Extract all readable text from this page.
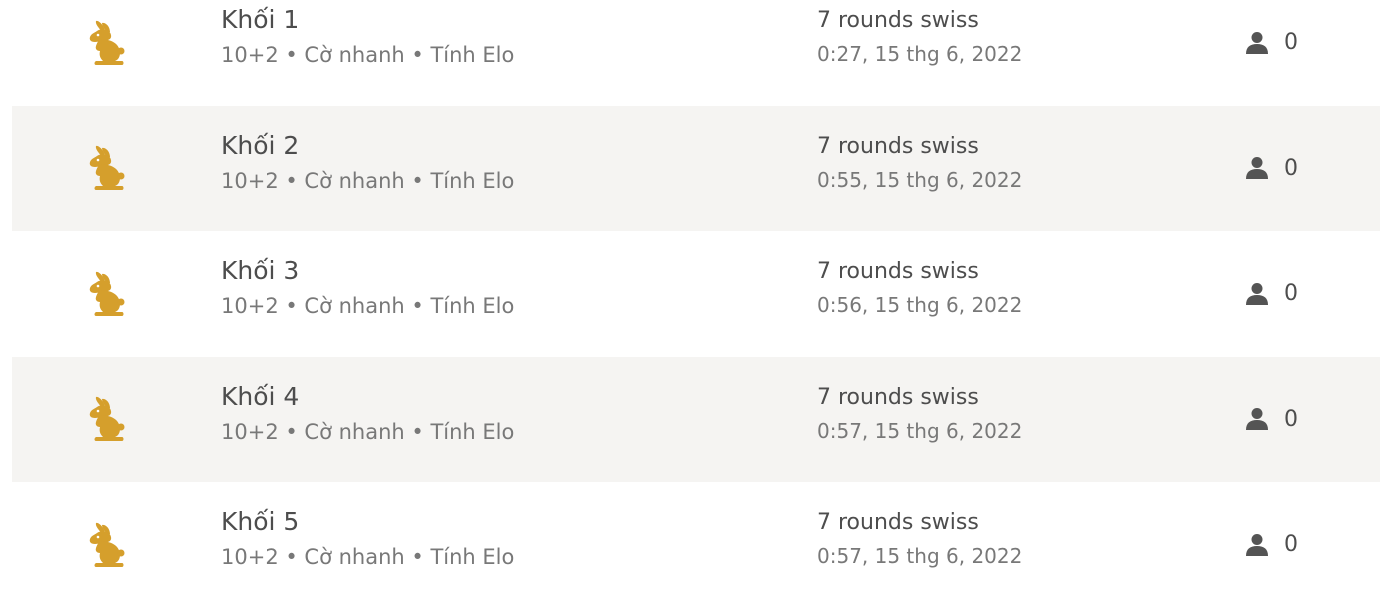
Khối 1
10+2 • Cờ nhanh • Tính Elo
7 rounds swiss
0:27, 15 thg 6, 2022	0
Khối 2
10+2 • Cờ nhanh • Tính Elo
7 rounds swiss
0:55, 15 thg 6, 2022	0
Khối 3
10+2 • Cờ nhanh • Tính Elo
7 rounds swiss
0:56, 15 thg 6, 2022	0
Khối 4
10+2 • Cờ nhanh • Tính Elo
7 rounds swiss
0:57, 15 thg 6, 2022	0
Khối 5
10+2 • Cờ nhanh • Tính Elo
7 rounds swiss
0:57, 15 thg 6, 2022	0
